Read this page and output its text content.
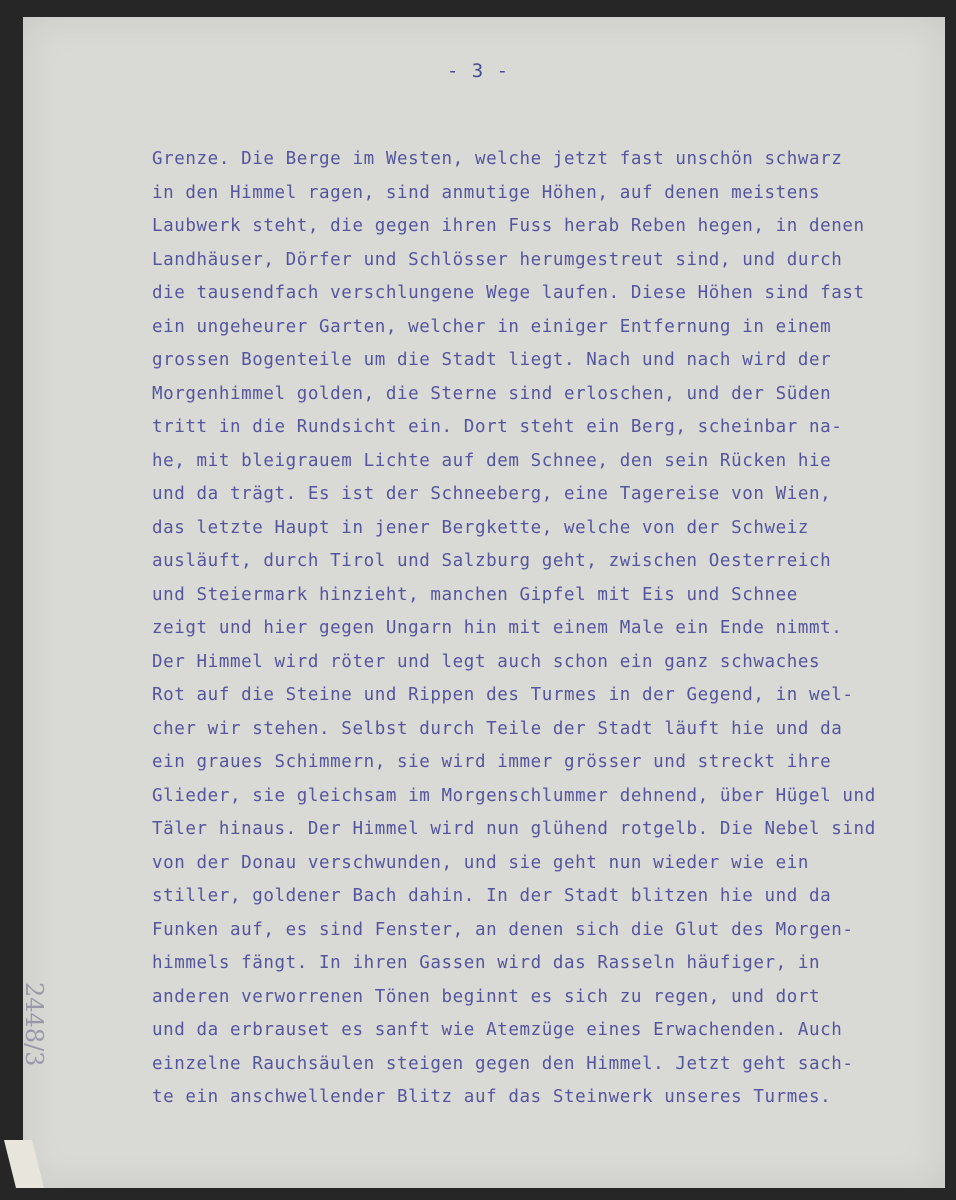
- 3 -
Grenze. Die Berge im Westen, welche jetzt fast unschön schwarz
in den Himmel ragen, sind anmutige Höhen, auf denen meistens
Laubwerk steht, die gegen ihren Fuss herab Reben hegen, in denen
Landhäuser, Dörfer und Schlösser herumgestreut sind, und durch
die tausendfach verschlungene Wege laufen. Diese Höhen sind fast
ein ungeheurer Garten, welcher in einiger Entfernung in einem
grossen Bogenteile um die Stadt liegt. Nach und nach wird der
Morgenhimmel golden, die Sterne sind erloschen, und der Süden
tritt in die Rundsicht ein. Dort steht ein Berg, scheinbar na-
he, mit bleigrauem Lichte auf dem Schnee, den sein Rücken hie
und da trägt. Es ist der Schneeberg, eine Tagereise von Wien,
das letzte Haupt in jener Bergkette, welche von der Schweiz
ausläuft, durch Tirol und Salzburg geht, zwischen Oesterreich
und Steiermark hinzieht, manchen Gipfel mit Eis und Schnee
zeigt und hier gegen Ungarn hin mit einem Male ein Ende nimmt.
Der Himmel wird röter und legt auch schon ein ganz schwaches
Rot auf die Steine und Rippen des Turmes in der Gegend, in wel-
cher wir stehen. Selbst durch Teile der Stadt läuft hie und da
ein graues Schimmern, sie wird immer grösser und streckt ihre
Glieder, sie gleichsam im Morgenschlummer dehnend, über Hügel und
Täler hinaus. Der Himmel wird nun glühend rotgelb. Die Nebel sind
von der Donau verschwunden, und sie geht nun wieder wie ein
stiller, goldener Bach dahin. In der Stadt blitzen hie und da
Funken auf, es sind Fenster, an denen sich die Glut des Morgen-
himmels fängt. In ihren Gassen wird das Rasseln häufiger, in
anderen verworrenen Tönen beginnt es sich zu regen, und dort
und da erbrauset es sanft wie Atemzüge eines Erwachenden. Auch
einzelne Rauchsäulen steigen gegen den Himmel. Jetzt geht sach-
te ein anschwellender Blitz auf das Steinwerk unseres Turmes.
2448/3
